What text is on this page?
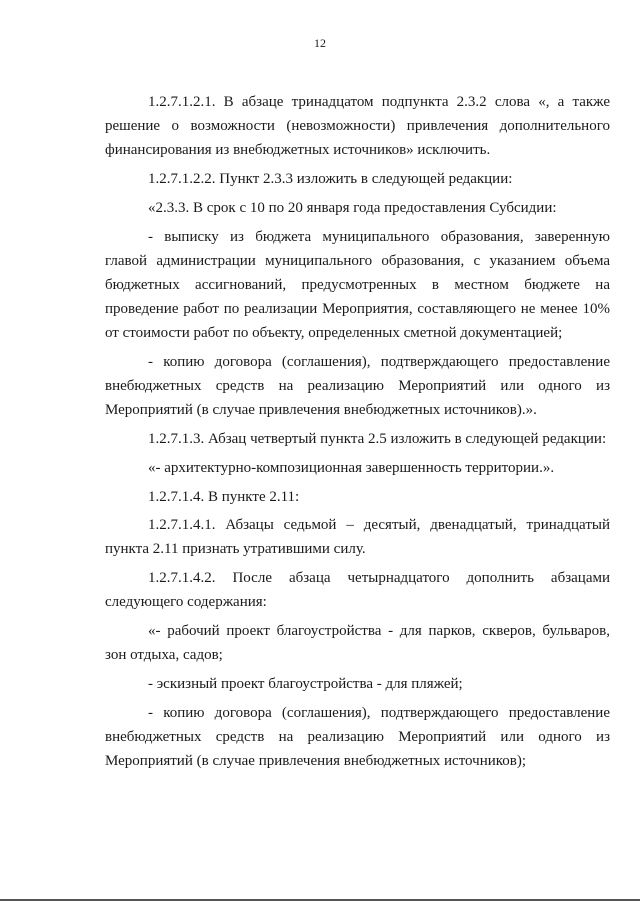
12

1.2.7.1.2.1. В абзаце тринадцатом подпункта 2.3.2 слова «, а также решение о возможности (невозможности) привлечения дополнительного финансирования из внебюджетных источников» исключить.

1.2.7.1.2.2. Пункт 2.3.3 изложить в следующей редакции:

«2.3.3. В срок с 10 по 20 января года предоставления Субсидии:

- выписку из бюджета муниципального образования, заверенную главой администрации муниципального образования, с указанием объема бюджетных ассигнований, предусмотренных в местном бюджете на проведение работ по реализации Мероприятия, составляющего не менее 10% от стоимости работ по объекту, определенных сметной документацией;

- копию договора (соглашения), подтверждающего предоставление внебюджетных средств на реализацию Мероприятий или одного из Мероприятий (в случае привлечения внебюджетных источников).».

1.2.7.1.3. Абзац четвертый пункта 2.5 изложить в следующей редакции:

«- архитектурно-композиционная завершенность территории.».

1.2.7.1.4. В пункте 2.11:

1.2.7.1.4.1. Абзацы седьмой – десятый, двенадцатый, тринадцатый пункта 2.11 признать утратившими силу.

1.2.7.1.4.2. После абзаца четырнадцатого дополнить абзацами следующего содержания:

«- рабочий проект благоустройства - для парков, скверов, бульваров, зон отдыха, садов;

- эскизный проект благоустройства - для пляжей;

- копию договора (соглашения), подтверждающего предоставление внебюджетных средств на реализацию Мероприятий или одного из Мероприятий (в случае привлечения внебюджетных источников);
